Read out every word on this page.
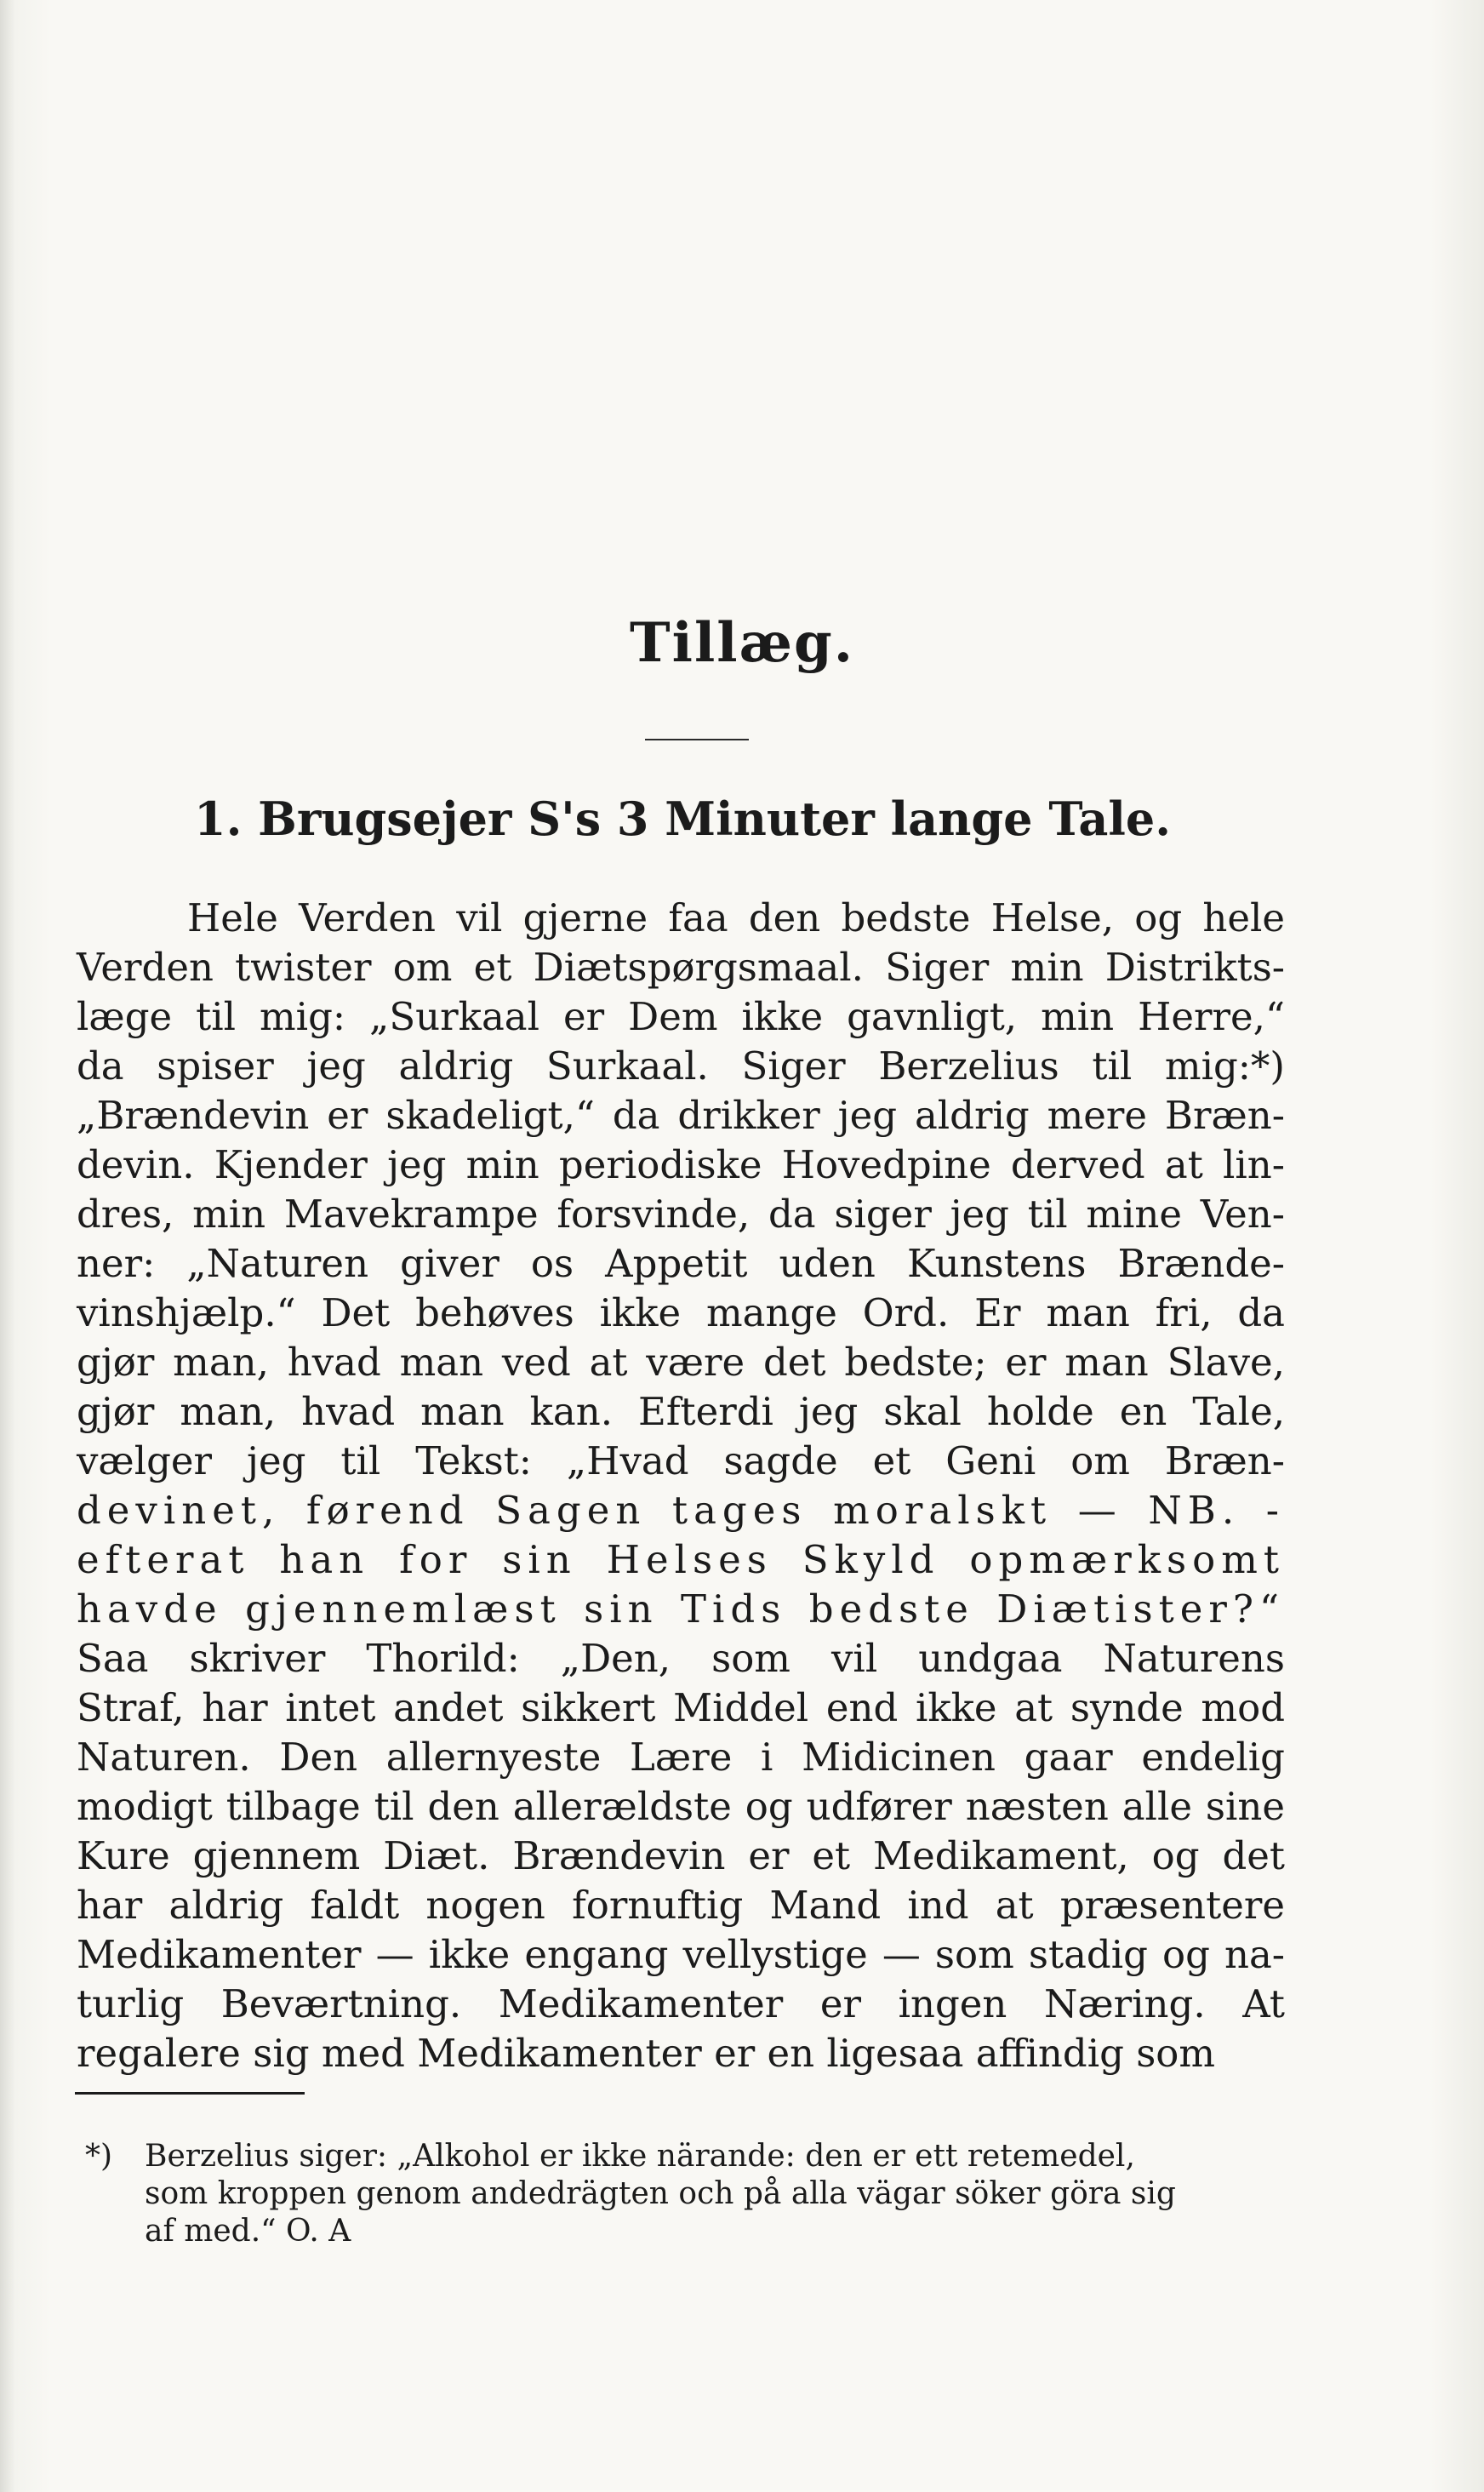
Tillæg.
1. Brugsejer S's 3 Minuter lange Tale.
Hele Verden vil gjerne faa den bedste Helse, og hele
Verden twister om et Diætspørgsmaal. Siger min Distrikts-
læge til mig: „Surkaal er Dem ikke gavnligt, min Herre,“
da spiser jeg aldrig Surkaal. Siger Berzelius til mig:*)
„Brændevin er skadeligt,“ da drikker jeg aldrig mere Bræn-
devin. Kjender jeg min periodiske Hovedpine derved at lin-
dres, min Mavekrampe forsvinde, da siger jeg til mine Ven-
ner: „Naturen giver os Appetit uden Kunstens Brænde-
vinshjælp.“ Det behøves ikke mange Ord. Er man fri, da
gjør man, hvad man ved at være det bedste; er man Slave,
gjør man, hvad man kan. Efterdi jeg skal holde en Tale,
vælger jeg til Tekst: „Hvad sagde et Geni om Bræn-
devinet, førend Sagen tages moralskt — NB. -
efterat han for sin Helses Skyld opmærksomt
havde gjennemlæst sin Tids bedste Diætister?“
Saa skriver Thorild: „Den, som vil undgaa Naturens
Straf, har intet andet sikkert Middel end ikke at synde mod
Naturen. Den allernyeste Lære i Midicinen gaar endelig
modigt tilbage til den allerældste og udfører næsten alle sine
Kure gjennem Diæt. Brændevin er et Medikament, og det
har aldrig faldt nogen fornuftig Mand ind at præsentere
Medikamenter — ikke engang vellystige — som stadig og na-
turlig Beværtning. Medikamenter er ingen Næring. At
regalere sig med Medikamenter er en ligesaa affindig som
*)	Berzelius siger: „Alkohol er ikke närande: den er ett retemedel,
som kroppen genom andedrägten och på alla vägar söker göra sig
af med.“ O. A
